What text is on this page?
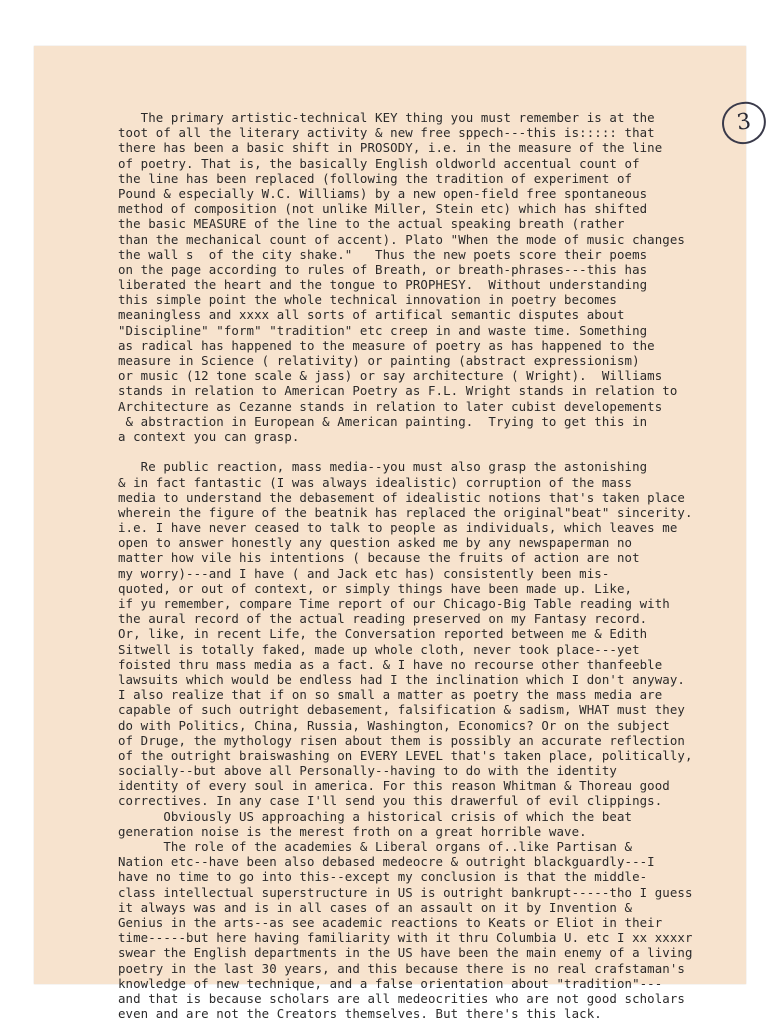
3
The primary artistic-technical KEY thing you must remember is at the
toot of all the literary activity & new free sppech---this is::::: that
there has been a basic shift in PROSODY, i.e. in the measure of the line
of poetry. That is, the basically English oldworld accentual count of
the line has been replaced (following the tradition of experiment of
Pound & especially W.C. Williams) by a new open-field free spontaneous
method of composition (not unlike Miller, Stein etc) which has shifted
the basic MEASURE of the line to the actual speaking breath (rather
than the mechanical count of accent). Plato "When the mode of music changes
the wall s  of the city shake."   Thus the new poets score their poems
on the page according to rules of Breath, or breath-phrases---this has
liberated the heart and the tongue to PROPHESY.  Without understanding
this simple point the whole technical innovation in poetry becomes
meaningless and xxxx all sorts of artifical semantic disputes about
"Discipline" "form" "tradition" etc creep in and waste time. Something
as radical has happened to the measure of poetry as has happened to the
measure in Science ( relativity) or painting (abstract expressionism)
or music (12 tone scale & jass) or say architecture ( Wright).  Williams
stands in relation to American Poetry as F.L. Wright stands in relation to
Architecture as Cezanne stands in relation to later cubist developements
& abstraction in European & American painting.  Trying to get this in
a context you can grasp.
Re public reaction, mass media--you must also grasp the astonishing
& in fact fantastic (I was always idealistic) corruption of the mass
media to understand the debasement of idealistic notions that's taken place
wherein the figure of the beatnik has replaced the original"beat" sincerity.
i.e. I have never ceased to talk to people as individuals, which leaves me
open to answer honestly any question asked me by any newspaperman no
matter how vile his intentions ( because the fruits of action are not
my worry)---and I have ( and Jack etc has) consistently been mis-
quoted, or out of context, or simply things have been made up. Like,
if yu remember, compare Time report of our Chicago-Big Table reading with
the aural record of the actual reading preserved on my Fantasy record.
Or, like, in recent Life, the Conversation reported between me & Edith
Sitwell is totally faked, made up whole cloth, never took place---yet
foisted thru mass media as a fact. & I have no recourse other thanfeeble
lawsuits which would be endless had I the inclination which I don't anyway.
I also realize that if on so small a matter as poetry the mass media are
capable of such outright debasement, falsification & sadism, WHAT must they
do with Politics, China, Russia, Washington, Economics? Or on the subject
of Druge, the mythology risen about them is possibly an accurate reflection
of the outright braiswashing on EVERY LEVEL that's taken place, politically,
socially--but above all Personally--having to do with the identity
identity of every soul in america. For this reason Whitman & Thoreau good
correctives. In any case I'll send you this drawerful of evil clippings.
Obviously US approaching a historical crisis of which the beat
generation noise is the merest froth on a great horrible wave.
The role of the academies & Liberal organs of..like Partisan &
Nation etc--have been also debased medeocre & outright blackguardly---I
have no time to go into this--except my conclusion is that the middle-
class intellectual superstructure in US is outright bankrupt-----tho I guess
it always was and is in all cases of an assault on it by Invention &
Genius in the arts--as see academic reactions to Keats or Eliot in their
time-----but here having familiarity with it thru Columbia U. etc I xx xxxxr
swear the English departments in the US have been the main enemy of a living
poetry in the last 30 years, and this because there is no real crafstaman's
knowledge of new technique, and a false orientation about "tradition"---
and that is because scholars are all medeocrities who are not good scholars
even and are not the Creators themselves. But there's this lack.
